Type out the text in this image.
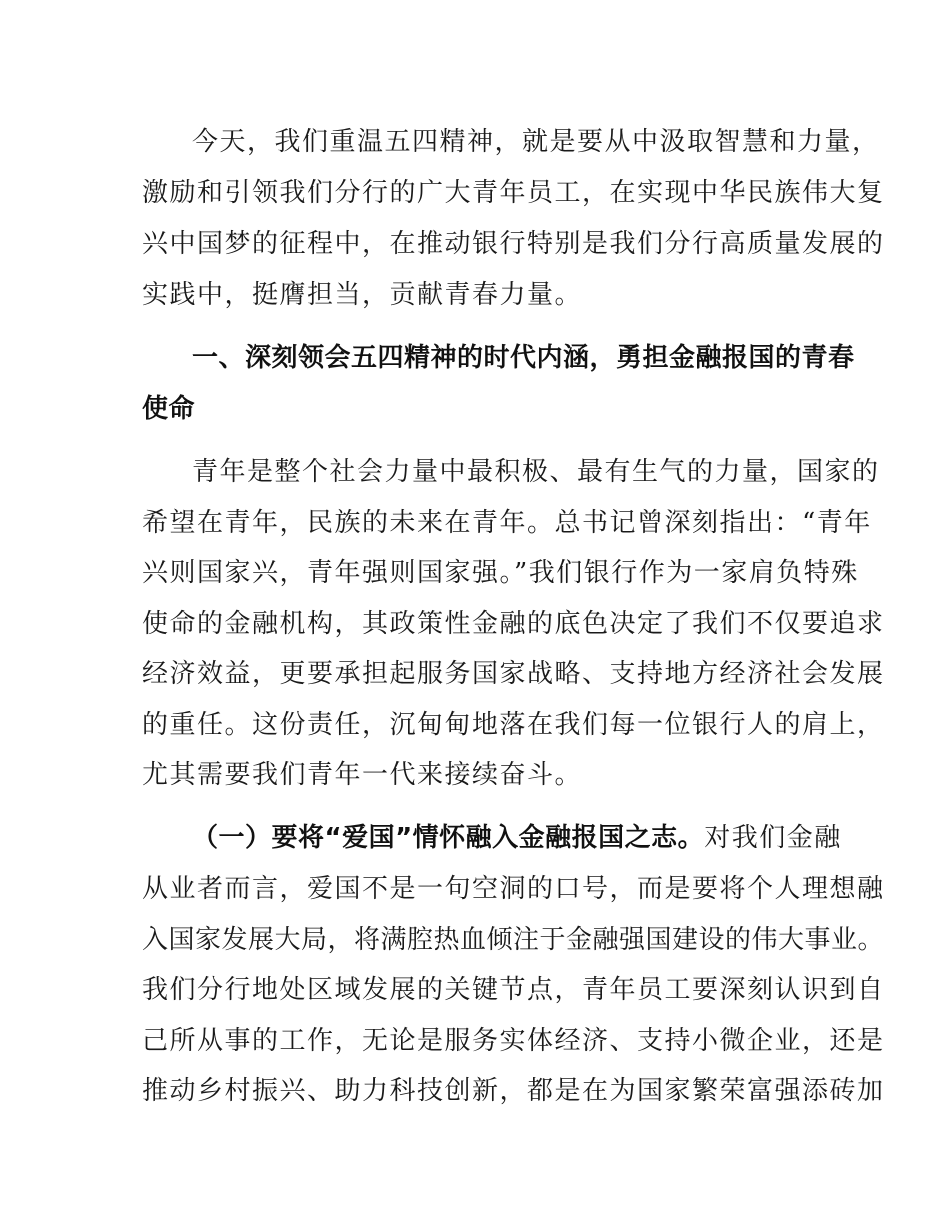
今天，我们重温五四精神，就是要从中汲取智慧和力量，
激励和引领我们分行的广大青年员工，在实现中华民族伟大复
兴中国梦的征程中，在推动银行特别是我们分行高质量发展的
实践中，挺膺担当，贡献青春力量。
一、深刻领会五四精神的时代内涵，勇担金融报国的青春
使命
青年是整个社会力量中最积极、最有生气的力量，国家的
希望在青年，民族的未来在青年。总书记曾深刻指出：“青年
兴则国家兴，青年强则国家强。”我们银行作为一家肩负特殊
使命的金融机构，其政策性金融的底色决定了我们不仅要追求
经济效益，更要承担起服务国家战略、支持地方经济社会发展
的重任。这份责任，沉甸甸地落在我们每一位银行人的肩上，
尤其需要我们青年一代来接续奋斗。
（一）要将“爱国”情怀融入金融报国之志。对我们金融
从业者而言，爱国不是一句空洞的口号，而是要将个人理想融
入国家发展大局，将满腔热血倾注于金融强国建设的伟大事业。
我们分行地处区域发展的关键节点，青年员工要深刻认识到自
己所从事的工作，无论是服务实体经济、支持小微企业，还是
推动乡村振兴、助力科技创新，都是在为国家繁荣富强添砖加
